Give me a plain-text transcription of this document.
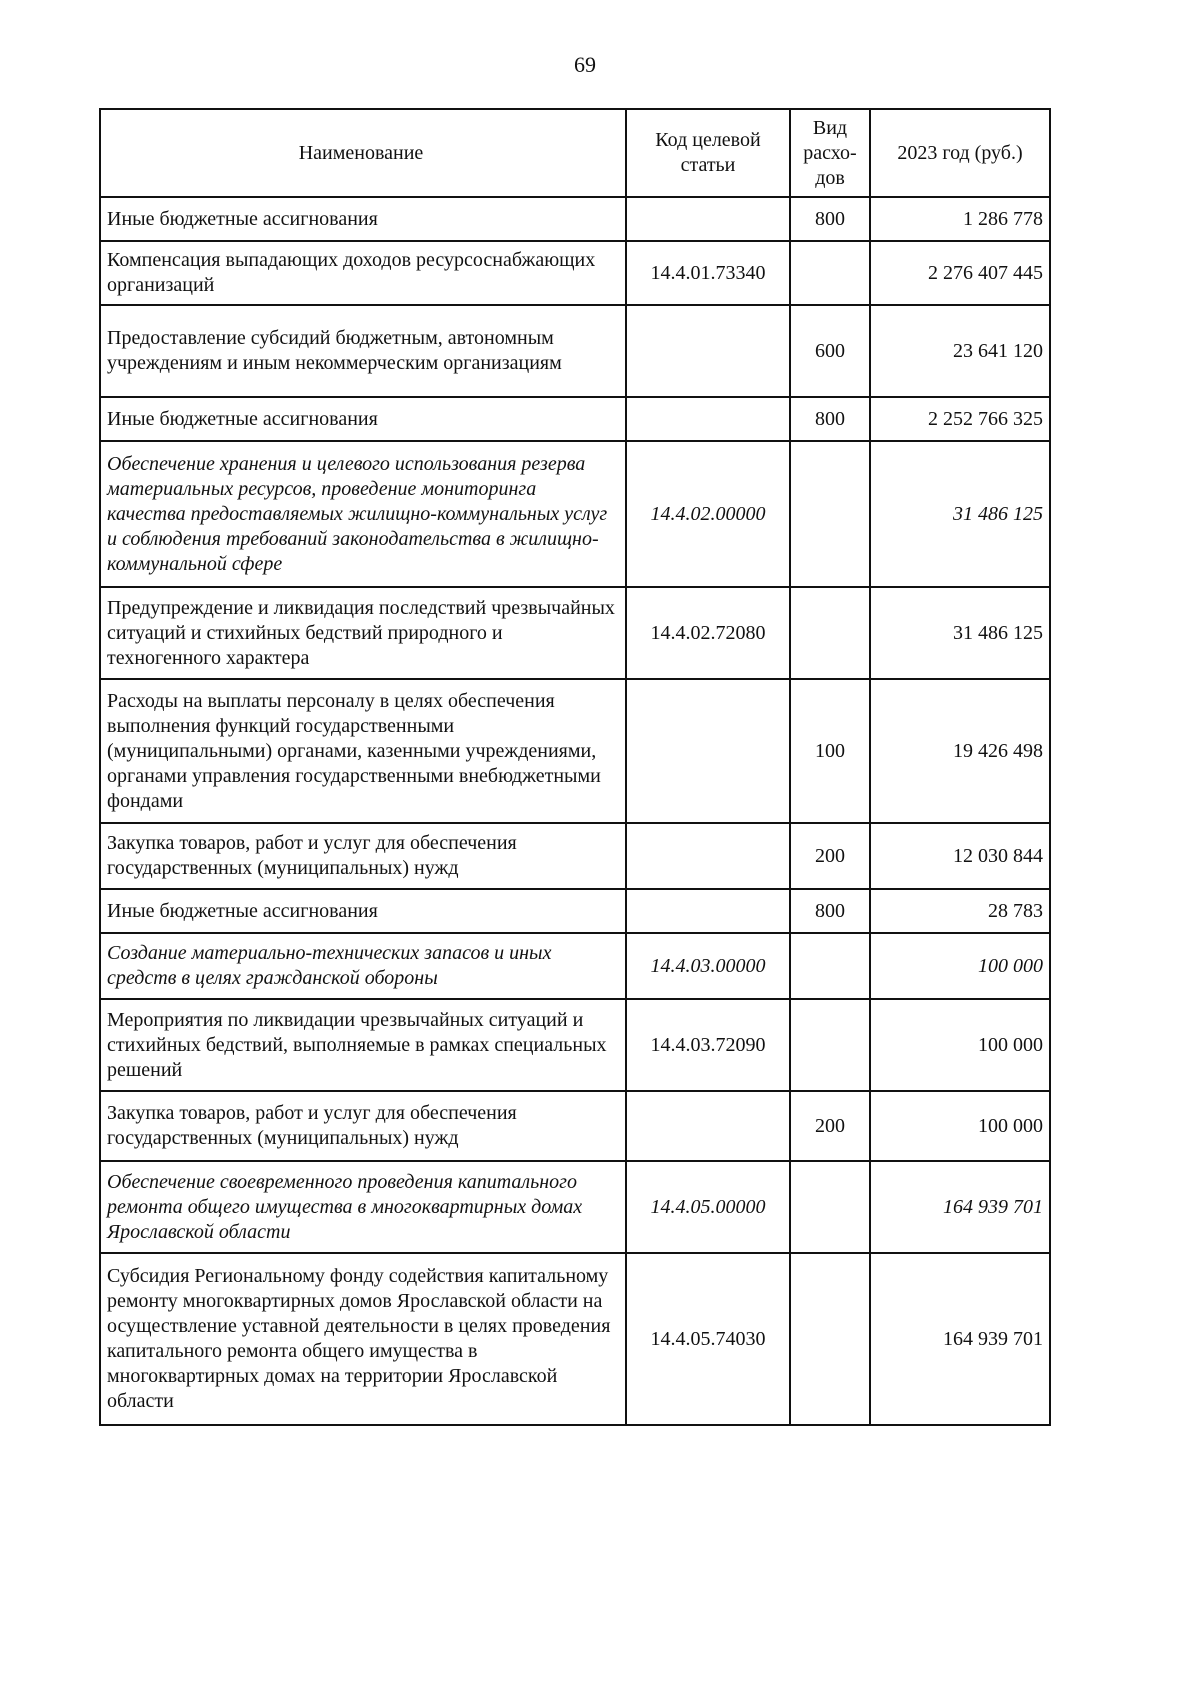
69
Наименование	Код целевой статьи	Вид расхо-дов	2023 год (руб.)
Иные бюджетные ассигнования		800	1 286 778
Компенсация выпадающих доходов ресурсоснабжающих организаций	14.4.01.73340		2 276 407 445
Предоставление субсидий бюджетным, автономным учреждениям и иным некоммерческим организациям		600	23 641 120
Иные бюджетные ассигнования		800	2 252 766 325
Обеспечение хранения и целевого использования резерва материальных ресурсов, проведение мониторинга качества предоставляемых жилищно-коммунальных услуг и соблюдения требований законодательства в жилищно-коммунальной сфере	14.4.02.00000		31 486 125
Предупреждение и ликвидация последствий чрезвычайных ситуаций и стихийных бедствий природного и техногенного характера	14.4.02.72080		31 486 125
Расходы на выплаты персоналу в целях обеспечения выполнения функций государственными (муниципальными) органами, казенными учреждениями, органами управления государственными внебюджетными фондами		100	19 426 498
Закупка товаров, работ и услуг для обеспечения государственных (муниципальных) нужд		200	12 030 844
Иные бюджетные ассигнования		800	28 783
Создание материально-технических запасов и иных средств в целях гражданской обороны	14.4.03.00000		100 000
Мероприятия по ликвидации чрезвычайных ситуаций и стихийных бедствий, выполняемые в рамках специальных решений	14.4.03.72090		100 000
Закупка товаров, работ и услуг для обеспечения государственных (муниципальных) нужд		200	100 000
Обеспечение своевременного проведения капитального ремонта общего имущества в многоквартирных домах Ярославской области	14.4.05.00000		164 939 701
Субсидия Региональному фонду содействия капитальному ремонту многоквартирных домов Ярославской области на осуществление уставной деятельности в целях проведения капитального ремонта общего имущества в многоквартирных домах на территории Ярославской области	14.4.05.74030		164 939 701
